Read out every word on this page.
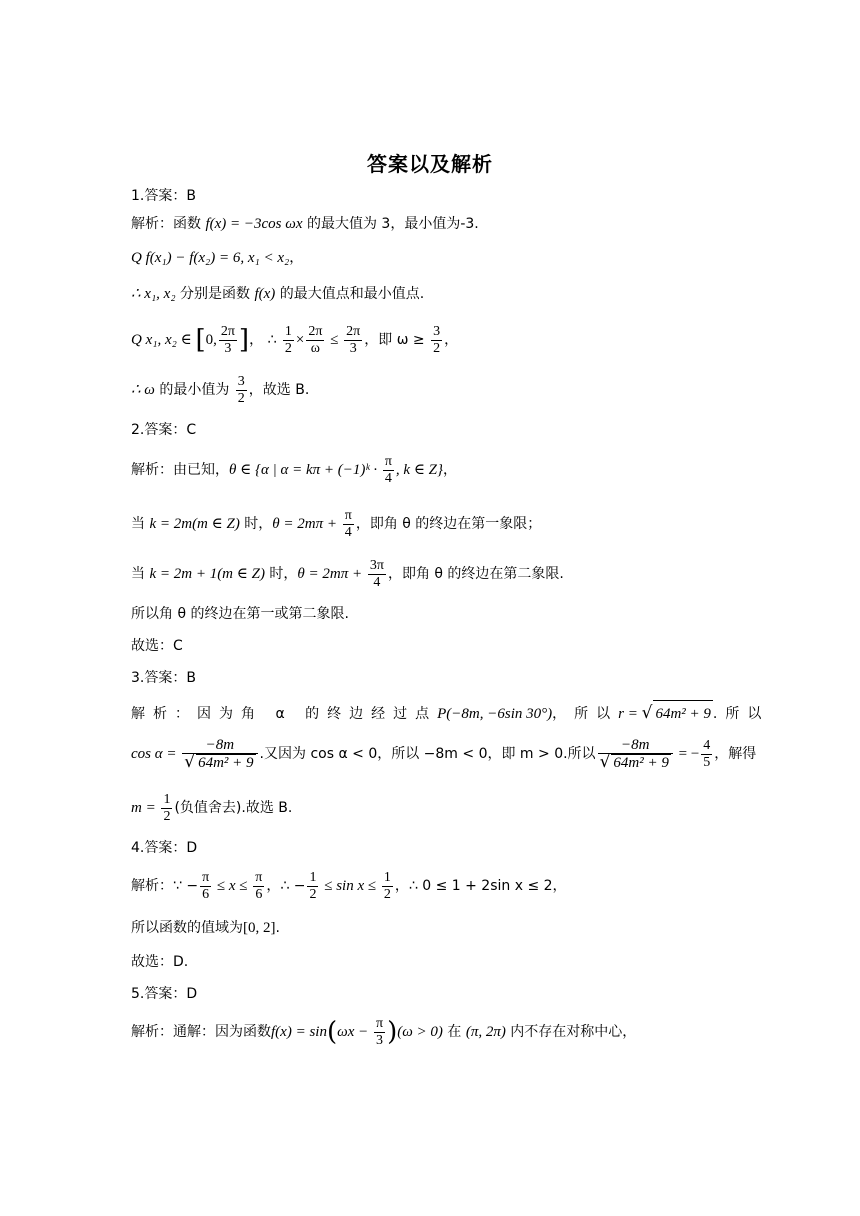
答案以及解析
1.答案：B
解析：函数 f(x) = −3cos ωx 的最大值为 3，最小值为-3.
Q f(x₁) − f(x₂) = 6, x₁ < x₂，
∴ x₁, x₂ 分别是函数 f(x) 的最大值点和最小值点.
Q x₁, x₂ ∈ [0, $\frac{2\pi}{3}$ ]， ∴ $\frac{1}{2} \times \frac{2\pi}{\omega} \le \frac{2\pi}{3}$ ，即 $\omega \ge \frac{3}{2}$ ，
∴ ω 的最小值为 $\frac{3}{2}$ ，故选 B.
2.答案：C
解析：由已知，θ ∈ {α | α = kπ + (−1)ᵏ · $\frac{\pi}{4}$ , k ∈ Z}，
当 k = 2m(m ∈ Z) 时，$\theta = 2m\pi + \frac{\pi}{4}$ ，即角 θ 的终边在第一象限；
当 k = 2m + 1(m ∈ Z) 时，$\theta = 2m\pi + \frac{3\pi}{4}$ ，即角 θ 的终边在第二象限.
所以角 θ 的终边在第一或第二象限.
故选：C
3.答案：B
解析：因为角 α 的终边经过点P(−8m, −6sin 30°)，所以r = √ 64m² + 9 .所以
$\cos \alpha = \frac{-8m}{\text{√ 64m² + 9}}$ .又因为 cos α < 0，所以 −8m < 0，即 m > 0.所以 $\frac{-8m}{\text{√ 64m² + 9}}$ = − $\frac{4}{5}$ ，解得
$m = \frac{1}{2}$ (负值舍去).故选 B.
4.答案：D
解析：∵ − $\frac{\pi}{6} \le x \le \frac{\pi}{6}$ ，∴ − $\frac{1}{2} \le \sin x \le \frac{1}{2}$ ，∴ 0 ≤ 1 + 2sin x ≤ 2，
所以函数的值域为[0, 2].
故选：D.
5.答案：D
解析：通解：因为函数$f(x) = \sin(\omega x - \frac{\pi}{3} )(\omega > 0)$ 在 (π, 2π) 内不存在对称中心，
